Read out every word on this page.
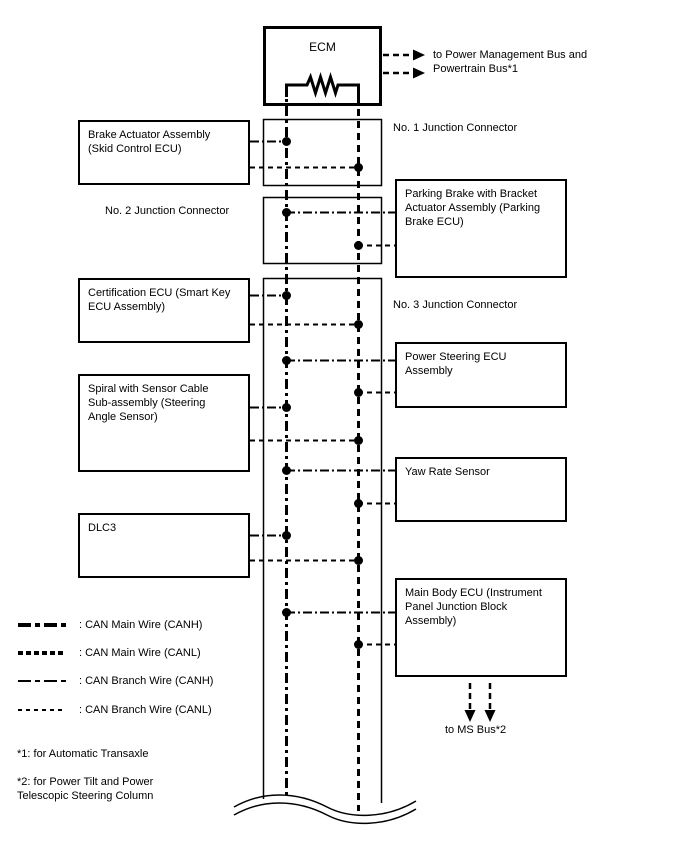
ECM
Brake Actuator Assembly (Skid Control ECU)
Certification ECU (Smart Key ECU Assembly)
Spiral with Sensor Cable Sub-assembly (Steering Angle Sensor)
DLC3
Parking Brake with Bracket Actuator Assembly (Parking Brake ECU)
Power Steering ECU Assembly
Yaw Rate Sensor
Main Body ECU (Instrument Panel Junction Block Assembly)
No. 1 Junction Connector
No. 2 Junction Connector
No. 3 Junction Connector
to Power Management Bus and Powertrain Bus*1
to MS Bus*2
: CAN Main Wire (CANH)
: CAN Main Wire (CANL)
: CAN Branch Wire (CANH)
: CAN Branch Wire (CANL)
*1: for Automatic Transaxle
*2: for Power Tilt and Power Telescopic Steering Column
